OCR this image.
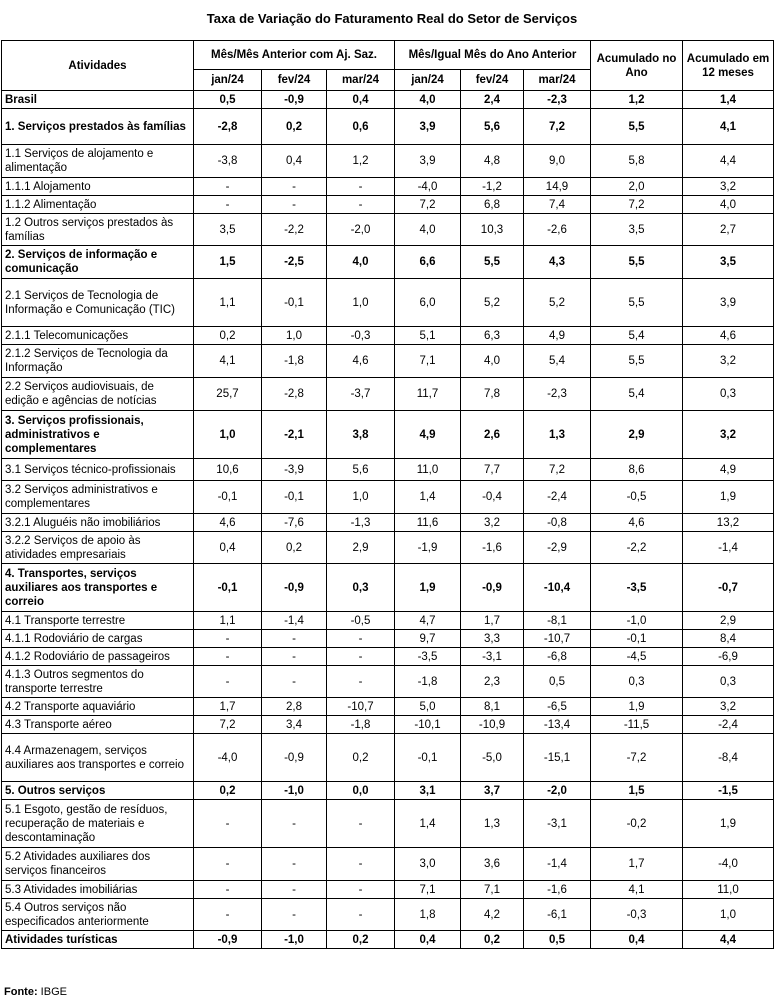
Taxa de Variação do Faturamento Real do Setor de Serviços
Atividades	Mês/Mês Anterior com Aj. Saz.			Mês/Igual Mês do Ano Anterior			Acumulado no Ano	Acumulado em 12 meses
	jan/24	fev/24	mar/24	jan/24	fev/24	mar/24		
Brasil	0,5	-0,9	0,4	4,0	2,4	-2,3	1,2	1,4
1. Serviços prestados às famílias	-2,8	0,2	0,6	3,9	5,6	7,2	5,5	4,1
1.1 Serviços de alojamento e alimentação	-3,8	0,4	1,2	3,9	4,8	9,0	5,8	4,4
1.1.1 Alojamento	-	-	-	-4,0	-1,2	14,9	2,0	3,2
1.1.2 Alimentação	-	-	-	7,2	6,8	7,4	7,2	4,0
1.2 Outros serviços prestados às famílias	3,5	-2,2	-2,0	4,0	10,3	-2,6	3,5	2,7
2. Serviços de informação e comunicação	1,5	-2,5	4,0	6,6	5,5	4,3	5,5	3,5
2.1 Serviços de Tecnologia de Informação e Comunicação (TIC)	1,1	-0,1	1,0	6,0	5,2	5,2	5,5	3,9
2.1.1 Telecomunicações	0,2	1,0	-0,3	5,1	6,3	4,9	5,4	4,6
2.1.2 Serviços de Tecnologia da Informação	4,1	-1,8	4,6	7,1	4,0	5,4	5,5	3,2
2.2 Serviços audiovisuais, de edição e agências de notícias	25,7	-2,8	-3,7	11,7	7,8	-2,3	5,4	0,3
3. Serviços profissionais, administrativos e complementares	1,0	-2,1	3,8	4,9	2,6	1,3	2,9	3,2
3.1 Serviços técnico-profissionais	10,6	-3,9	5,6	11,0	7,7	7,2	8,6	4,9
3.2 Serviços administrativos e complementares	-0,1	-0,1	1,0	1,4	-0,4	-2,4	-0,5	1,9
3.2.1 Aluguéis não imobiliários	4,6	-7,6	-1,3	11,6	3,2	-0,8	4,6	13,2
3.2.2 Serviços de apoio às atividades empresariais	0,4	0,2	2,9	-1,9	-1,6	-2,9	-2,2	-1,4
4. Transportes, serviços auxiliares aos transportes e correio	-0,1	-0,9	0,3	1,9	-0,9	-10,4	-3,5	-0,7
4.1 Transporte terrestre	1,1	-1,4	-0,5	4,7	1,7	-8,1	-1,0	2,9
4.1.1 Rodoviário de cargas	-	-	-	9,7	3,3	-10,7	-0,1	8,4
4.1.2 Rodoviário de passageiros	-	-	-	-3,5	-3,1	-6,8	-4,5	-6,9
4.1.3 Outros segmentos do transporte terrestre	-	-	-	-1,8	2,3	0,5	0,3	0,3
4.2 Transporte aquaviário	1,7	2,8	-10,7	5,0	8,1	-6,5	1,9	3,2
4.3 Transporte aéreo	7,2	3,4	-1,8	-10,1	-10,9	-13,4	-11,5	-2,4
4.4 Armazenagem, serviços auxiliares aos transportes e correio	-4,0	-0,9	0,2	-0,1	-5,0	-15,1	-7,2	-8,4
5. Outros serviços	0,2	-1,0	0,0	3,1	3,7	-2,0	1,5	-1,5
5.1 Esgoto, gestão de resíduos, recuperação de materiais e descontaminação	-	-	-	1,4	1,3	-3,1	-0,2	1,9
5.2 Atividades auxiliares dos serviços financeiros	-	-	-	3,0	3,6	-1,4	1,7	-4,0
5.3 Atividades imobiliárias	-	-	-	7,1	7,1	-1,6	4,1	11,0
5.4 Outros serviços não especificados anteriormente	-	-	-	1,8	4,2	-6,1	-0,3	1,0
Atividades turísticas	-0,9	-1,0	0,2	0,4	0,2	0,5	0,4	4,4
Fonte: IBGE
